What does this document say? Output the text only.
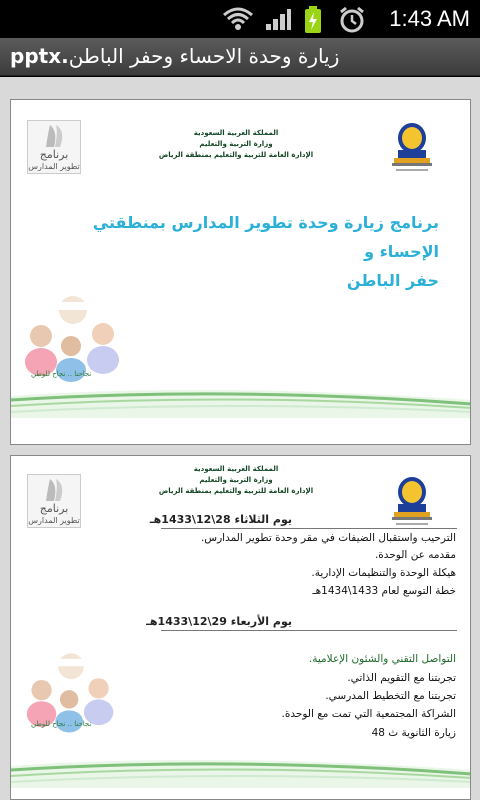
1:43 AM
pptx.زيارة وحدة الاحساء وحفر الباطن
برنامج
تطوير المدارس
المملكة العربية السعودية
وزارة التربية والتعليم
الإدارة العامة للتربية والتعليم بمنطقة الرياض
برنامج زيارة وحدة تطوير المدارس بمنطقتي الإحساء و
حفر الباطن
نجاحنا .. نجاح للوطن
برنامج
تطوير المدارس
المملكة العربية السعودية
وزارة التربية والتعليم
الإدارة العامة للتربية والتعليم بمنطقة الرياض
يوم الثلاثاء 28\12\1433هـ
الترحيب واستقبال الضيفات في مقر وحدة تطوير المدارس.
مقدمه عن الوحدة.
هيكلة الوحدة والتنظيمات الإدارية.
خطة التوسع لعام 1433\1434هـ
يوم الأربعاء 29\12\1433هـ
التواصل التقني والشئون الإعلامية.
تجربتنا مع التقويم الذاتي.
تجربتنا مع التخطيط المدرسي.
الشراكة المجتمعية التي تمت مع الوحدة.
زيارة الثانوية ث 48
نجاحنا .. نجاح للوطن
